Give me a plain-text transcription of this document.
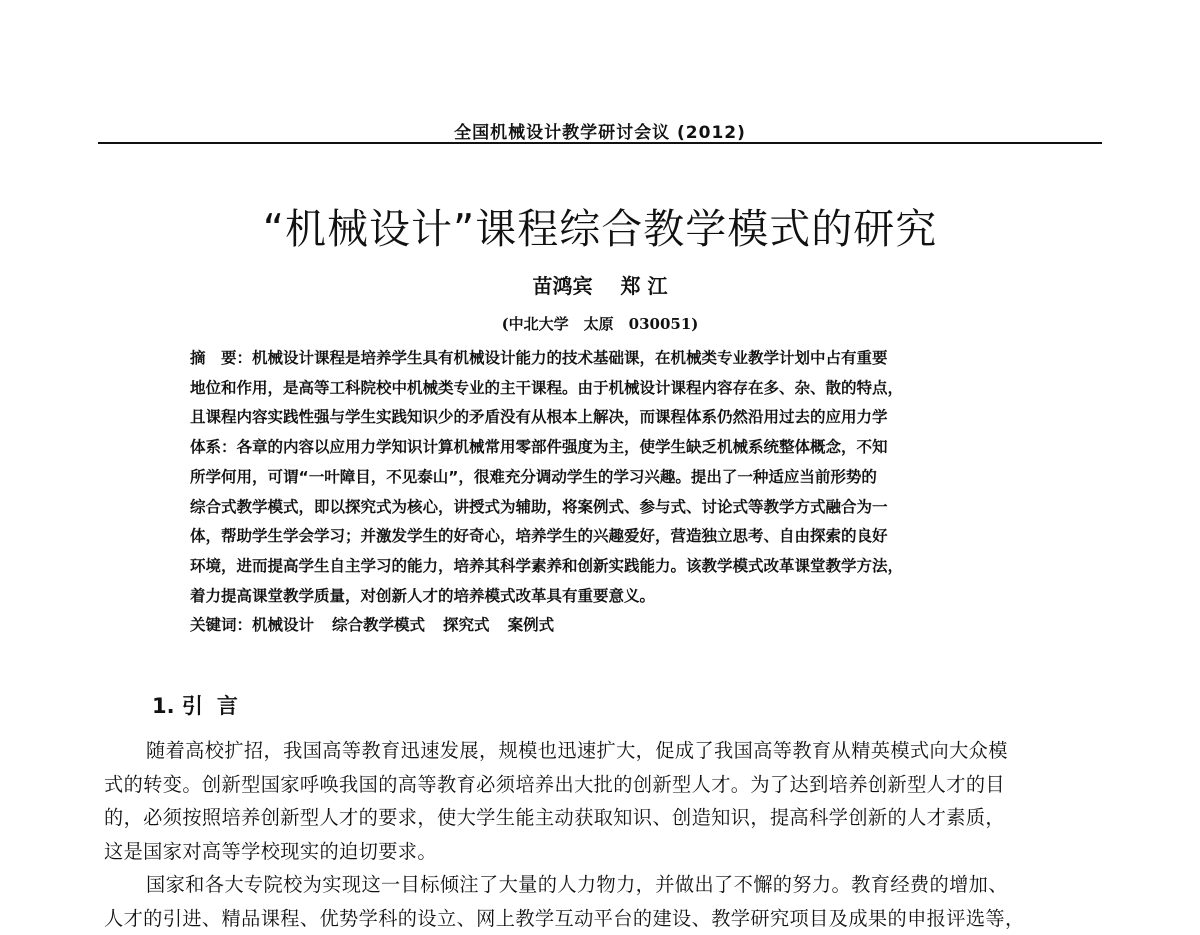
全国机械设计教学研讨会议 (2012)
“机械设计”课程综合教学模式的研究
苗鸿宾 郑 江
(中北大学　太原　030051)
摘　要：机械设计课程是培养学生具有机械设计能力的技术基础课，在机械类专业教学计划中占有重要
地位和作用，是高等工科院校中机械类专业的主干课程。由于机械设计课程内容存在多、杂、散的特点，
且课程内容实践性强与学生实践知识少的矛盾没有从根本上解决，而课程体系仍然沿用过去的应用力学
体系：各章的内容以应用力学知识计算机械常用零部件强度为主，使学生缺乏机械系统整体概念，不知
所学何用，可谓“一叶障目，不见泰山”，很难充分调动学生的学习兴趣。提出了一种适应当前形势的
综合式教学模式，即以探究式为核心，讲授式为辅助，将案例式、参与式、讨论式等教学方式融合为一
体，帮助学生学会学习；并激发学生的好奇心，培养学生的兴趣爱好，营造独立思考、自由探索的良好
环境，进而提高学生自主学习的能力，培养其科学素养和创新实践能力。该教学模式改革课堂教学方法，
着力提高课堂教学质量，对创新人才的培养模式改革具有重要意义。
关键词：机械设计 综合教学模式 探究式 案例式
1. 引 言
随着高校扩招，我国高等教育迅速发展，规模也迅速扩大，促成了我国高等教育从精英模式向大众模
式的转变。创新型国家呼唤我国的高等教育必须培养出大批的创新型人才。为了达到培养创新型人才的目
的，必须按照培养创新型人才的要求，使大学生能主动获取知识、创造知识，提高科学创新的人才素质，
这是国家对高等学校现实的迫切要求。
国家和各大专院校为实现这一目标倾注了大量的人力物力，并做出了不懈的努力。教育经费的增加、
人才的引进、精品课程、优势学科的设立、网上教学互动平台的建设、教学研究项目及成果的申报评选等，
